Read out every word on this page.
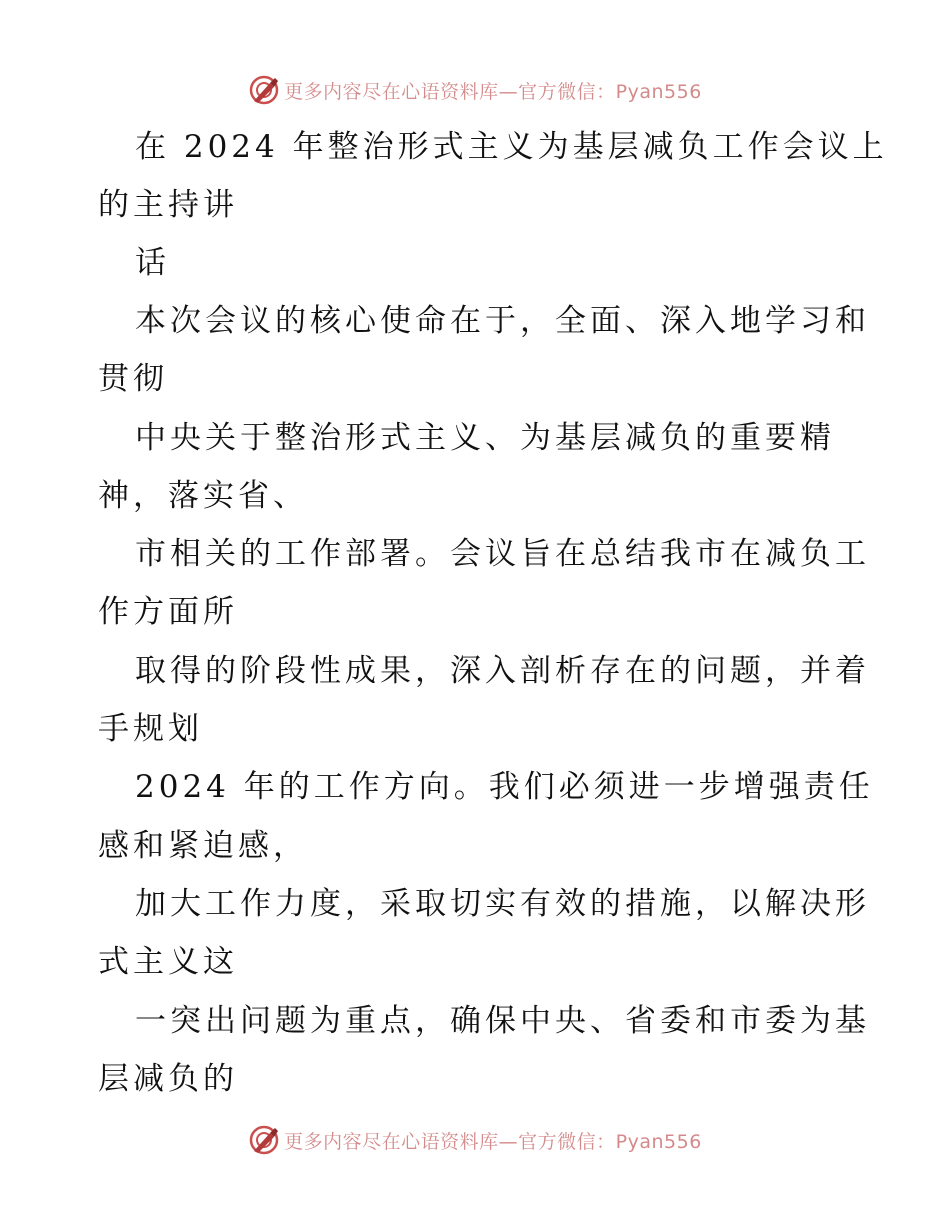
更多内容尽在心语资料库—官方微信：Pyan556
在 2024 年整治形式主义为基层减负工作会议上
的主持讲
话
本次会议的核心使命在于，全面、深入地学习和
贯彻
中央关于整治形式主义、为基层减负的重要精
神，落实省、
市相关的工作部署。会议旨在总结我市在减负工
作方面所
取得的阶段性成果，深入剖析存在的问题，并着
手规划
2024 年的工作方向。我们必须进一步增强责任
感和紧迫感，
加大工作力度，采取切实有效的措施，以解决形
式主义这
一突出问题为重点，确保中央、省委和市委为基
层减负的
更多内容尽在心语资料库—官方微信：Pyan556
